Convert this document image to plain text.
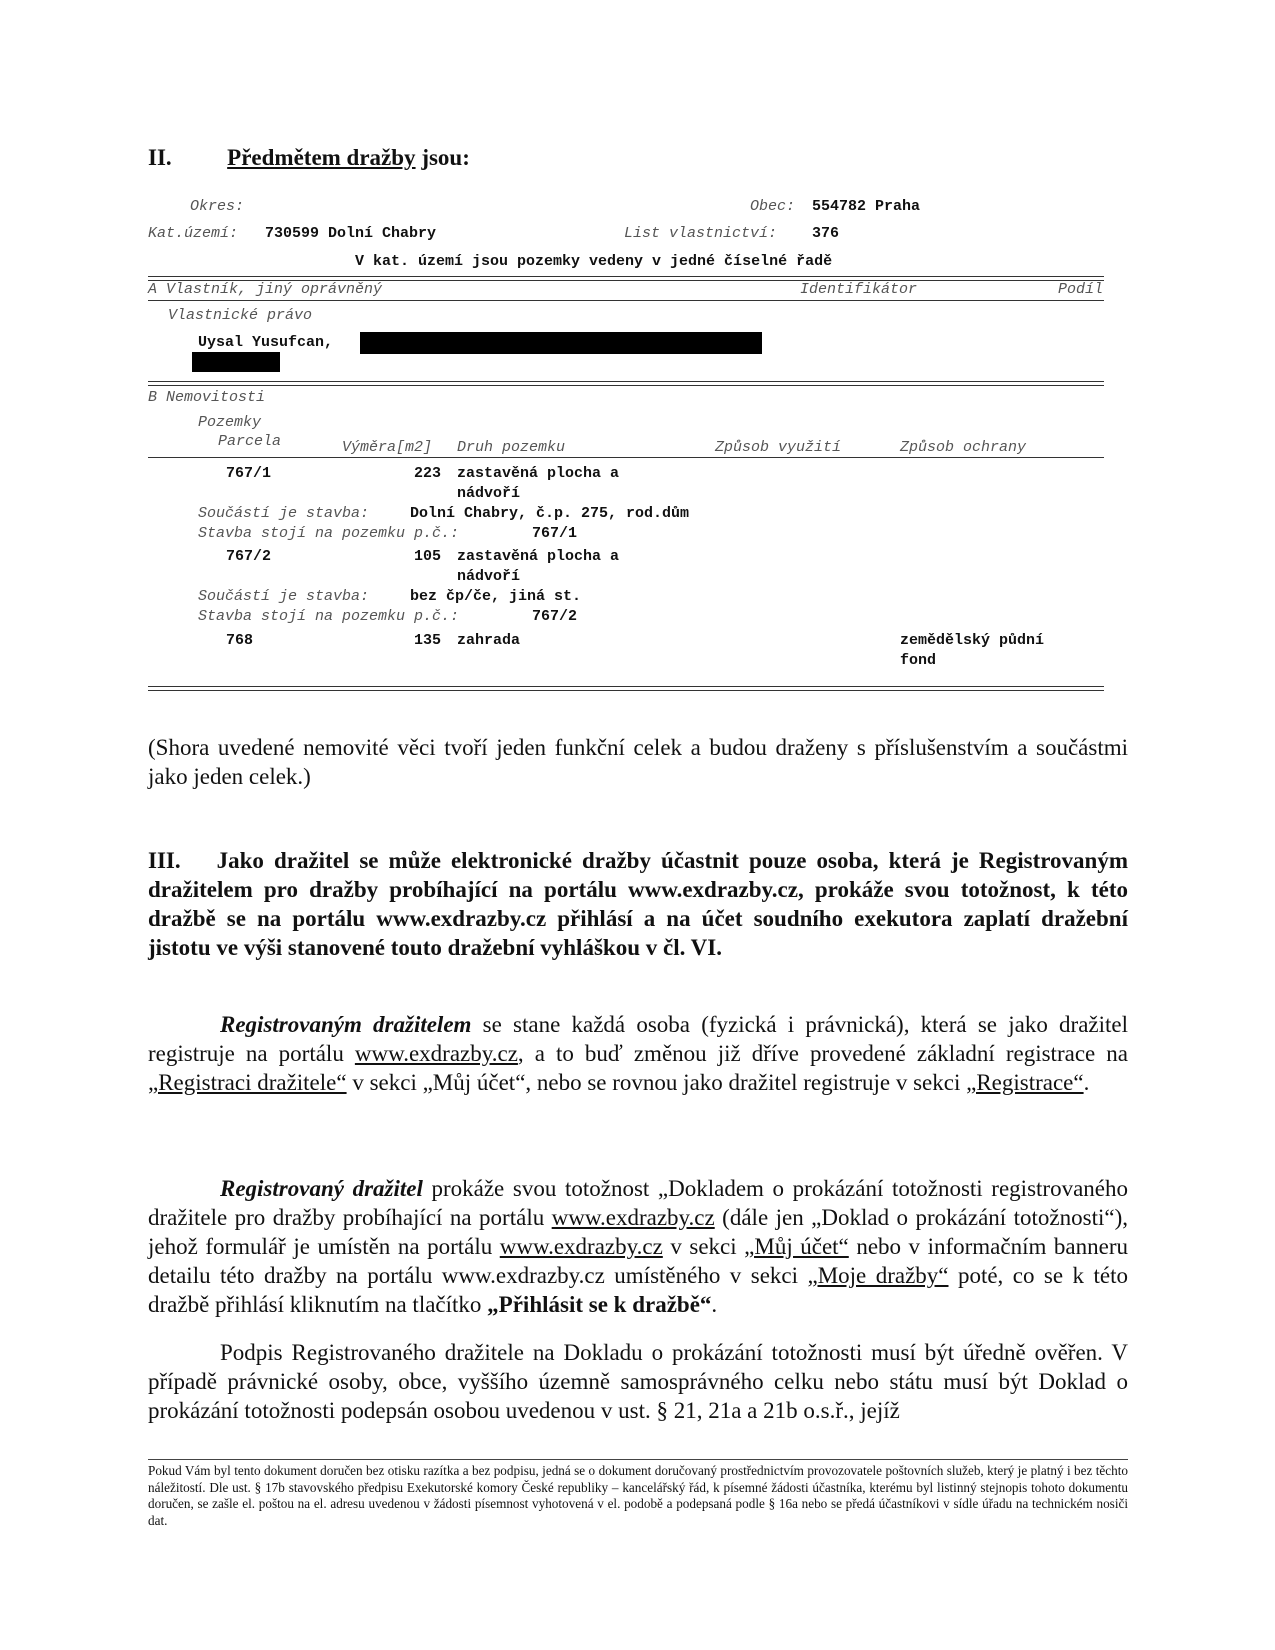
II. Předmětem dražby jsou:
Okres:	Obec: 554782 Praha
Kat.území: 730599 Dolní Chabry	List vlastnictví: 376
V kat. území jsou pozemky vedeny v jedné číselné řadě
A Vlastník, jiný oprávněný	Identifikátor	Podíl
Vlastnické právo
Uysal Yusufcan,
B Nemovitosti
Pozemky
Parcela	Výměra[m2] Druh pozemku	Způsob využití	Způsob ochrany
767/1	223 zastavěná plocha a
nádvoří
Součástí je stavba:	Dolní Chabry, č.p. 275, rod.dům
Stavba stojí na pozemku p.č.:	767/1
767/2	105 zastavěná plocha a
nádvoří
Součástí je stavba:	bez čp/če, jiná st.
Stavba stojí na pozemku p.č.:	767/2
768	135 zahrada	zemědělský půdní
fond
(Shora uvedené nemovité věci tvoří jeden funkční celek a budou draženy s příslušenstvím a součástmi jako jeden celek.)
III. Jako dražitel se může elektronické dražby účastnit pouze osoba, která je Registrovaným dražitelem pro dražby probíhající na portálu www.exdrazby.cz, prokáže svou totožnost, k této dražbě se na portálu www.exdrazby.cz přihlásí a na účet soudního exekutora zaplatí dražební jistotu ve výši stanovené touto dražební vyhláškou v čl. VI.
Registrovaným dražitelem se stane každá osoba (fyzická i právnická), která se jako dražitel registruje na portálu www.exdrazby.cz, a to buď změnou již dříve provedené základní registrace na „Registraci dražitele“ v sekci „Můj účet“, nebo se rovnou jako dražitel registruje v sekci „Registrace“.
Registrovaný dražitel prokáže svou totožnost „Dokladem o prokázání totožnosti registrovaného dražitele pro dražby probíhající na portálu www.exdrazby.cz (dále jen „Doklad o prokázání totožnosti“), jehož formulář je umístěn na portálu www.exdrazby.cz v sekci „Můj účet“ nebo v informačním banneru detailu této dražby na portálu www.exdrazby.cz umístěného v sekci „Moje dražby“ poté, co se k této dražbě přihlásí kliknutím na tlačítko „Přihlásit se k dražbě“.
Podpis Registrovaného dražitele na Dokladu o prokázání totožnosti musí být úředně ověřen. V případě právnické osoby, obce, vyššího územně samosprávného celku nebo státu musí být Doklad o prokázání totožnosti podepsán osobou uvedenou v ust. § 21, 21a a 21b o.s.ř., jejíž
Pokud Vám byl tento dokument doručen bez otisku razítka a bez podpisu, jedná se o dokument doručovaný prostřednictvím provozovatele poštovních služeb, který je platný i bez těchto náležitostí. Dle ust. § 17b stavovského předpisu Exekutorské komory České republiky – kancelářský řád, k písemné žádosti účastníka, kterému byl listinný stejnopis tohoto dokumentu doručen, se zašle el. poštou na el. adresu uvedenou v žádosti písemnost vyhotovená v el. podobě a podepsaná podle § 16a nebo se předá účastníkovi v sídle úřadu na technickém nosiči dat.
